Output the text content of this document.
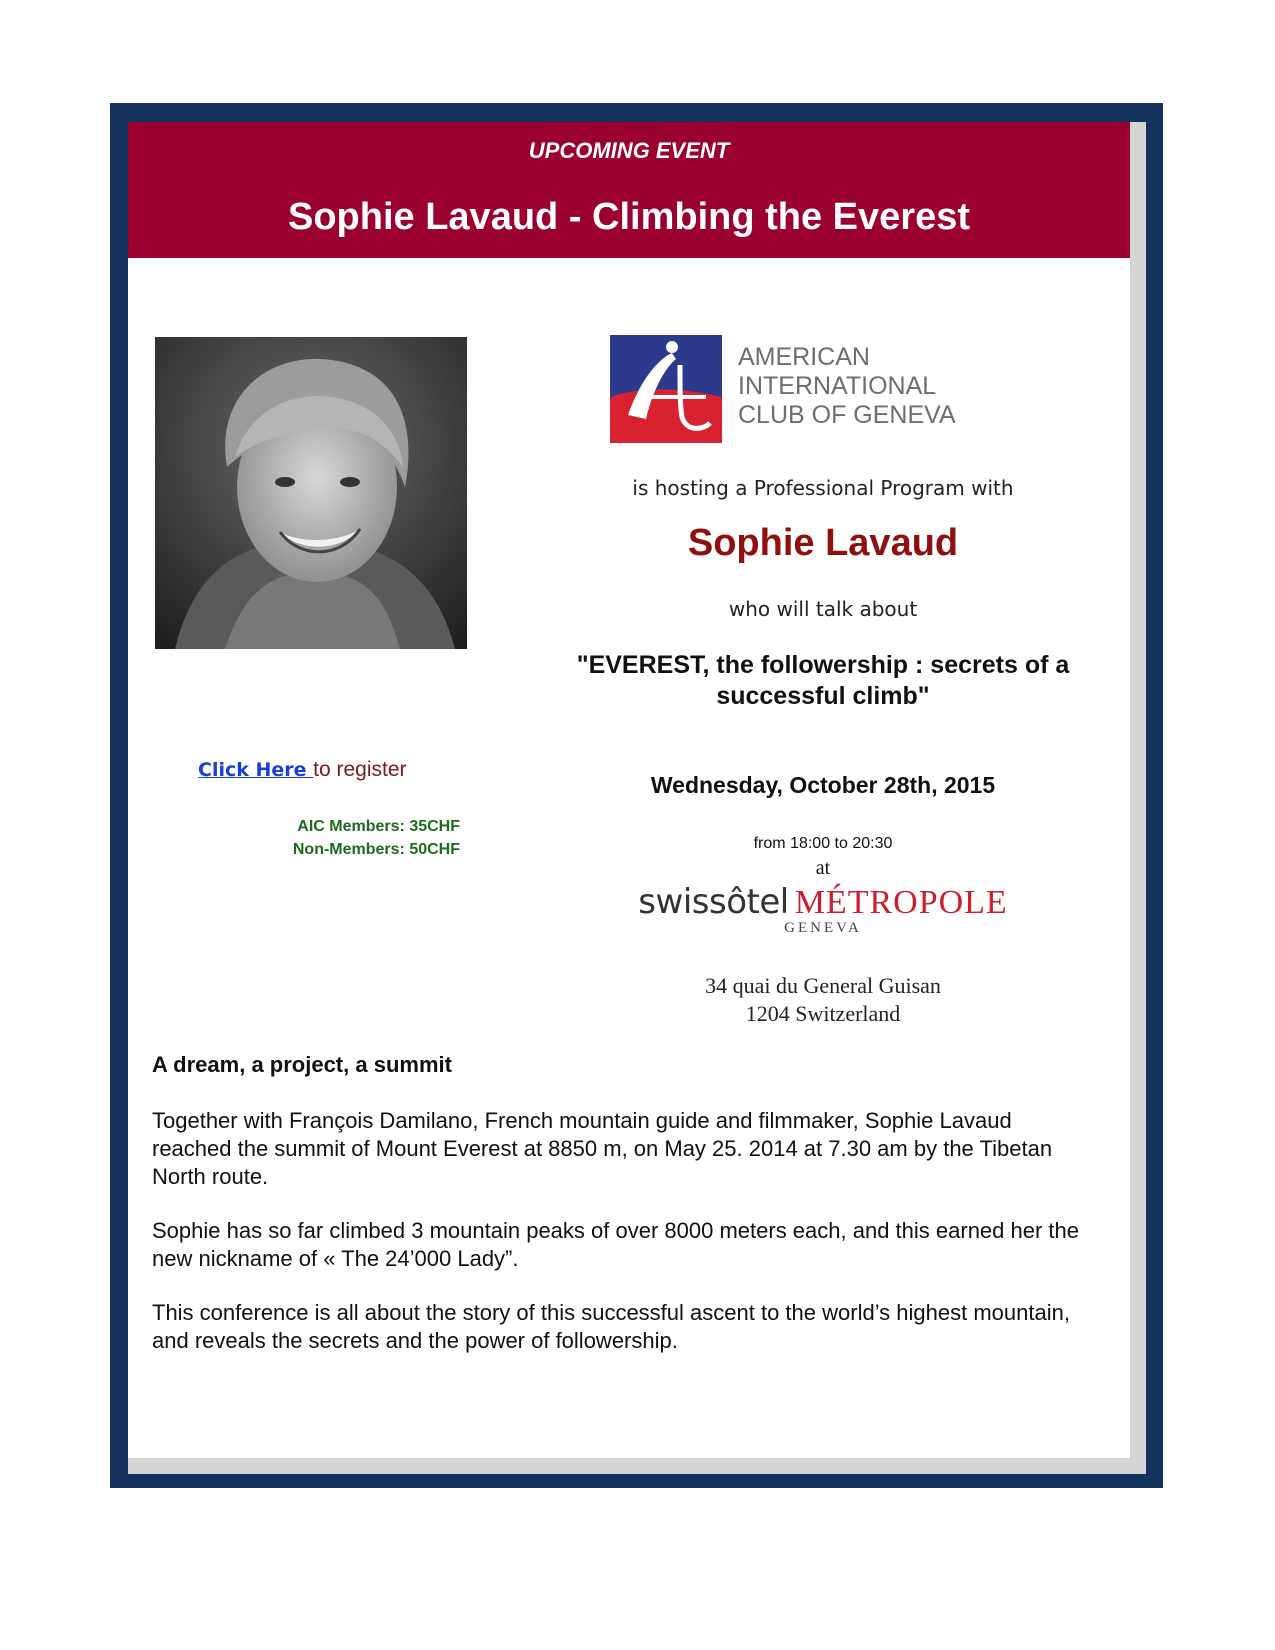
UPCOMING EVENT
Sophie Lavaud - Climbing the Everest
Click Here to register
AIC Members: 35CHF
Non-Members: 50CHF
AMERICAN
INTERNATIONAL
CLUB OF GENEVA
is hosting a Professional Program with
Sophie Lavaud
who will talk about
"EVEREST, the followership : secrets of a successful climb"
Wednesday, October 28th, 2015
from 18:00 to 20:30
at
swissôtel MÉTROPOLE
GENEVA
34 quai du General Guisan
1204 Switzerland
A dream, a project, a summit

Together with François Damilano, French mountain guide and filmmaker, Sophie Lavaud reached the summit of Mount Everest at 8850 m, on May 25. 2014 at 7.30 am by the Tibetan North route.

Sophie has so far climbed 3 mountain peaks of over 8000 meters each, and this earned her the new nickname of « The 24’000 Lady”.

This conference is all about the story of this successful ascent to the world’s highest mountain, and reveals the secrets and the power of followership.
